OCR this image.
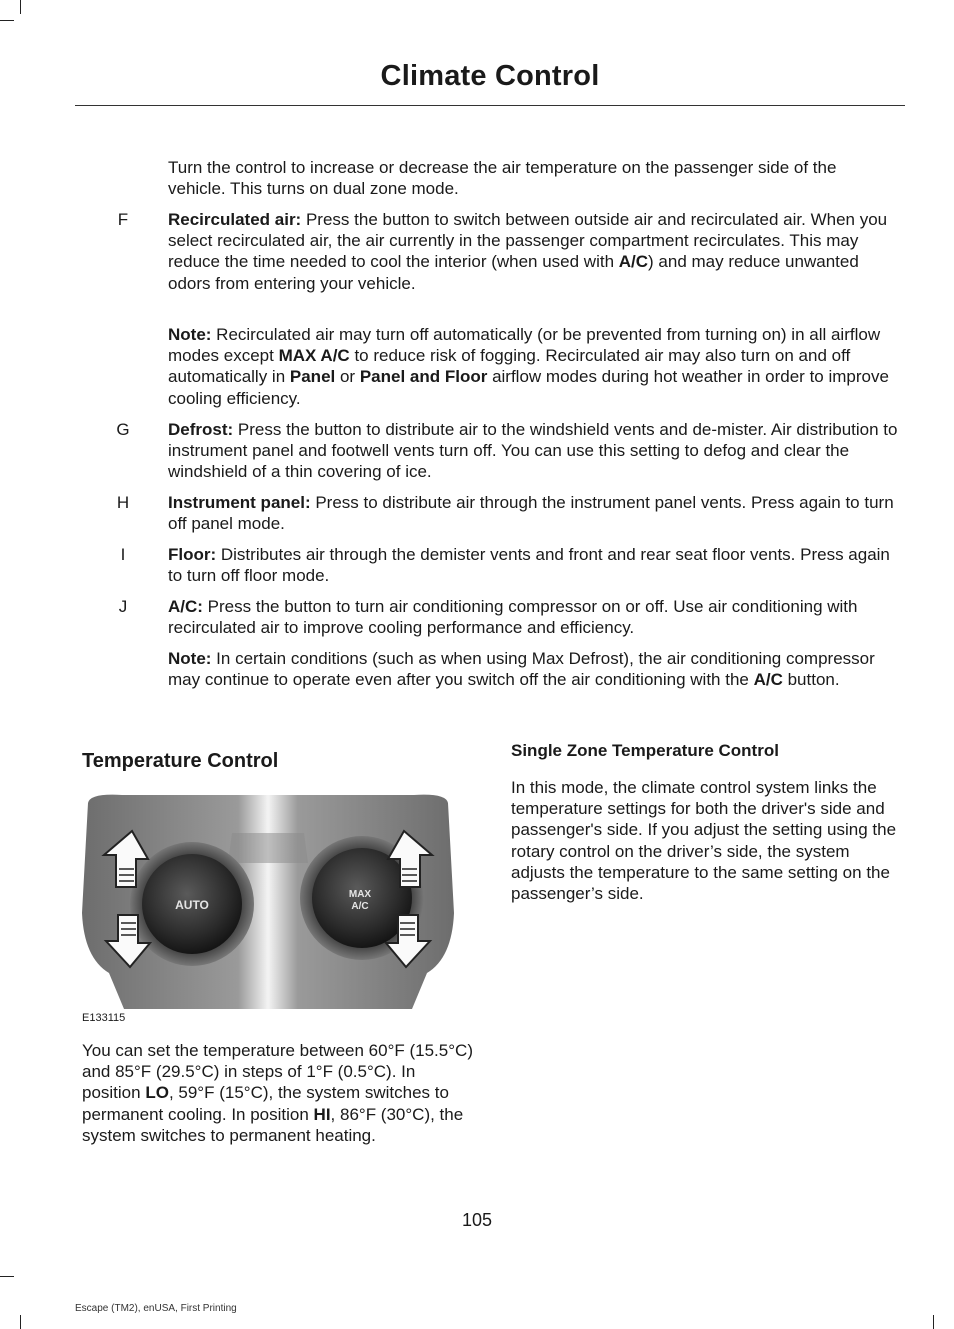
Climate Control
Turn the control to increase or decrease the air temperature on the passenger side of the vehicle. This turns on dual zone mode.
F Recirculated air: Press the button to switch between outside air and recirculated air. When you select recirculated air, the air currently in the passenger compartment recirculates. This may reduce the time needed to cool the interior (when used with A/C) and may reduce unwanted odors from entering your vehicle.
Note: Recirculated air may turn off automatically (or be prevented from turning on) in all airflow modes except MAX A/C to reduce risk of fogging. Recirculated air may also turn on and off automatically in Panel or Panel and Floor airflow modes during hot weather in order to improve cooling efficiency.
G Defrost: Press the button to distribute air to the windshield vents and de-mister. Air distribution to instrument panel and footwell vents turn off. You can use this setting to defog and clear the windshield of a thin covering of ice.
H Instrument panel: Press to distribute air through the instrument panel vents. Press again to turn off panel mode.
I	Floor: Distributes air through the demister vents and front and rear seat floor vents. Press again to turn off floor mode.
J A/C: Press the button to turn air conditioning compressor on or off. Use air conditioning with recirculated air to improve cooling performance and efficiency.
Note: In certain conditions (such as when using Max Defrost), the air conditioning compressor may continue to operate even after you switch off the air conditioning with the A/C button.
Temperature Control
AUTO
MAX
A/C
E133115
You can set the temperature between 60°F (15.5°C) and 85°F (29.5°C) in steps of 1°F (0.5°C). In position LO, 59°F (15°C), the system switches to permanent cooling. In position HI, 86°F (30°C), the system switches to permanent heating.
Single Zone Temperature Control
In this mode, the climate control system links the temperature settings for both the driver's side and passenger's side. If you adjust the setting using the rotary control on the driver’s side, the system adjusts the temperature to the same setting on the passenger’s side.
105
Escape (TM2), enUSA, First Printing
